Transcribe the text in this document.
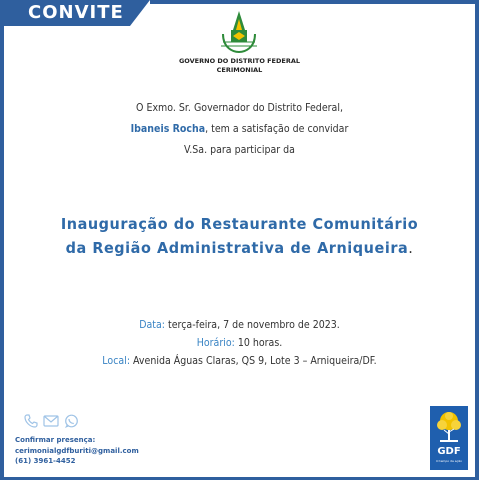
CONVITE
GOVERNO DO DISTRITO FEDERAL
CERIMONIAL
O Exmo. Sr. Governador do Distrito Federal,
Ibaneis Rocha, tem a satisfação de convidar
V.Sa. para participar da
Inauguração do Restaurante Comunitário
da Região Administrativa de Arniqueira.
Data: terça-feira, 7 de novembro de 2023.
Horário: 10 horas.
Local: Avenida Águas Claras, QS 9, Lote 3 – Arniqueira/DF.
Confirmar presença:
cerimonialgdfburiti@gmail.com
(61) 3961-4452
GDF
O tempo da ação
